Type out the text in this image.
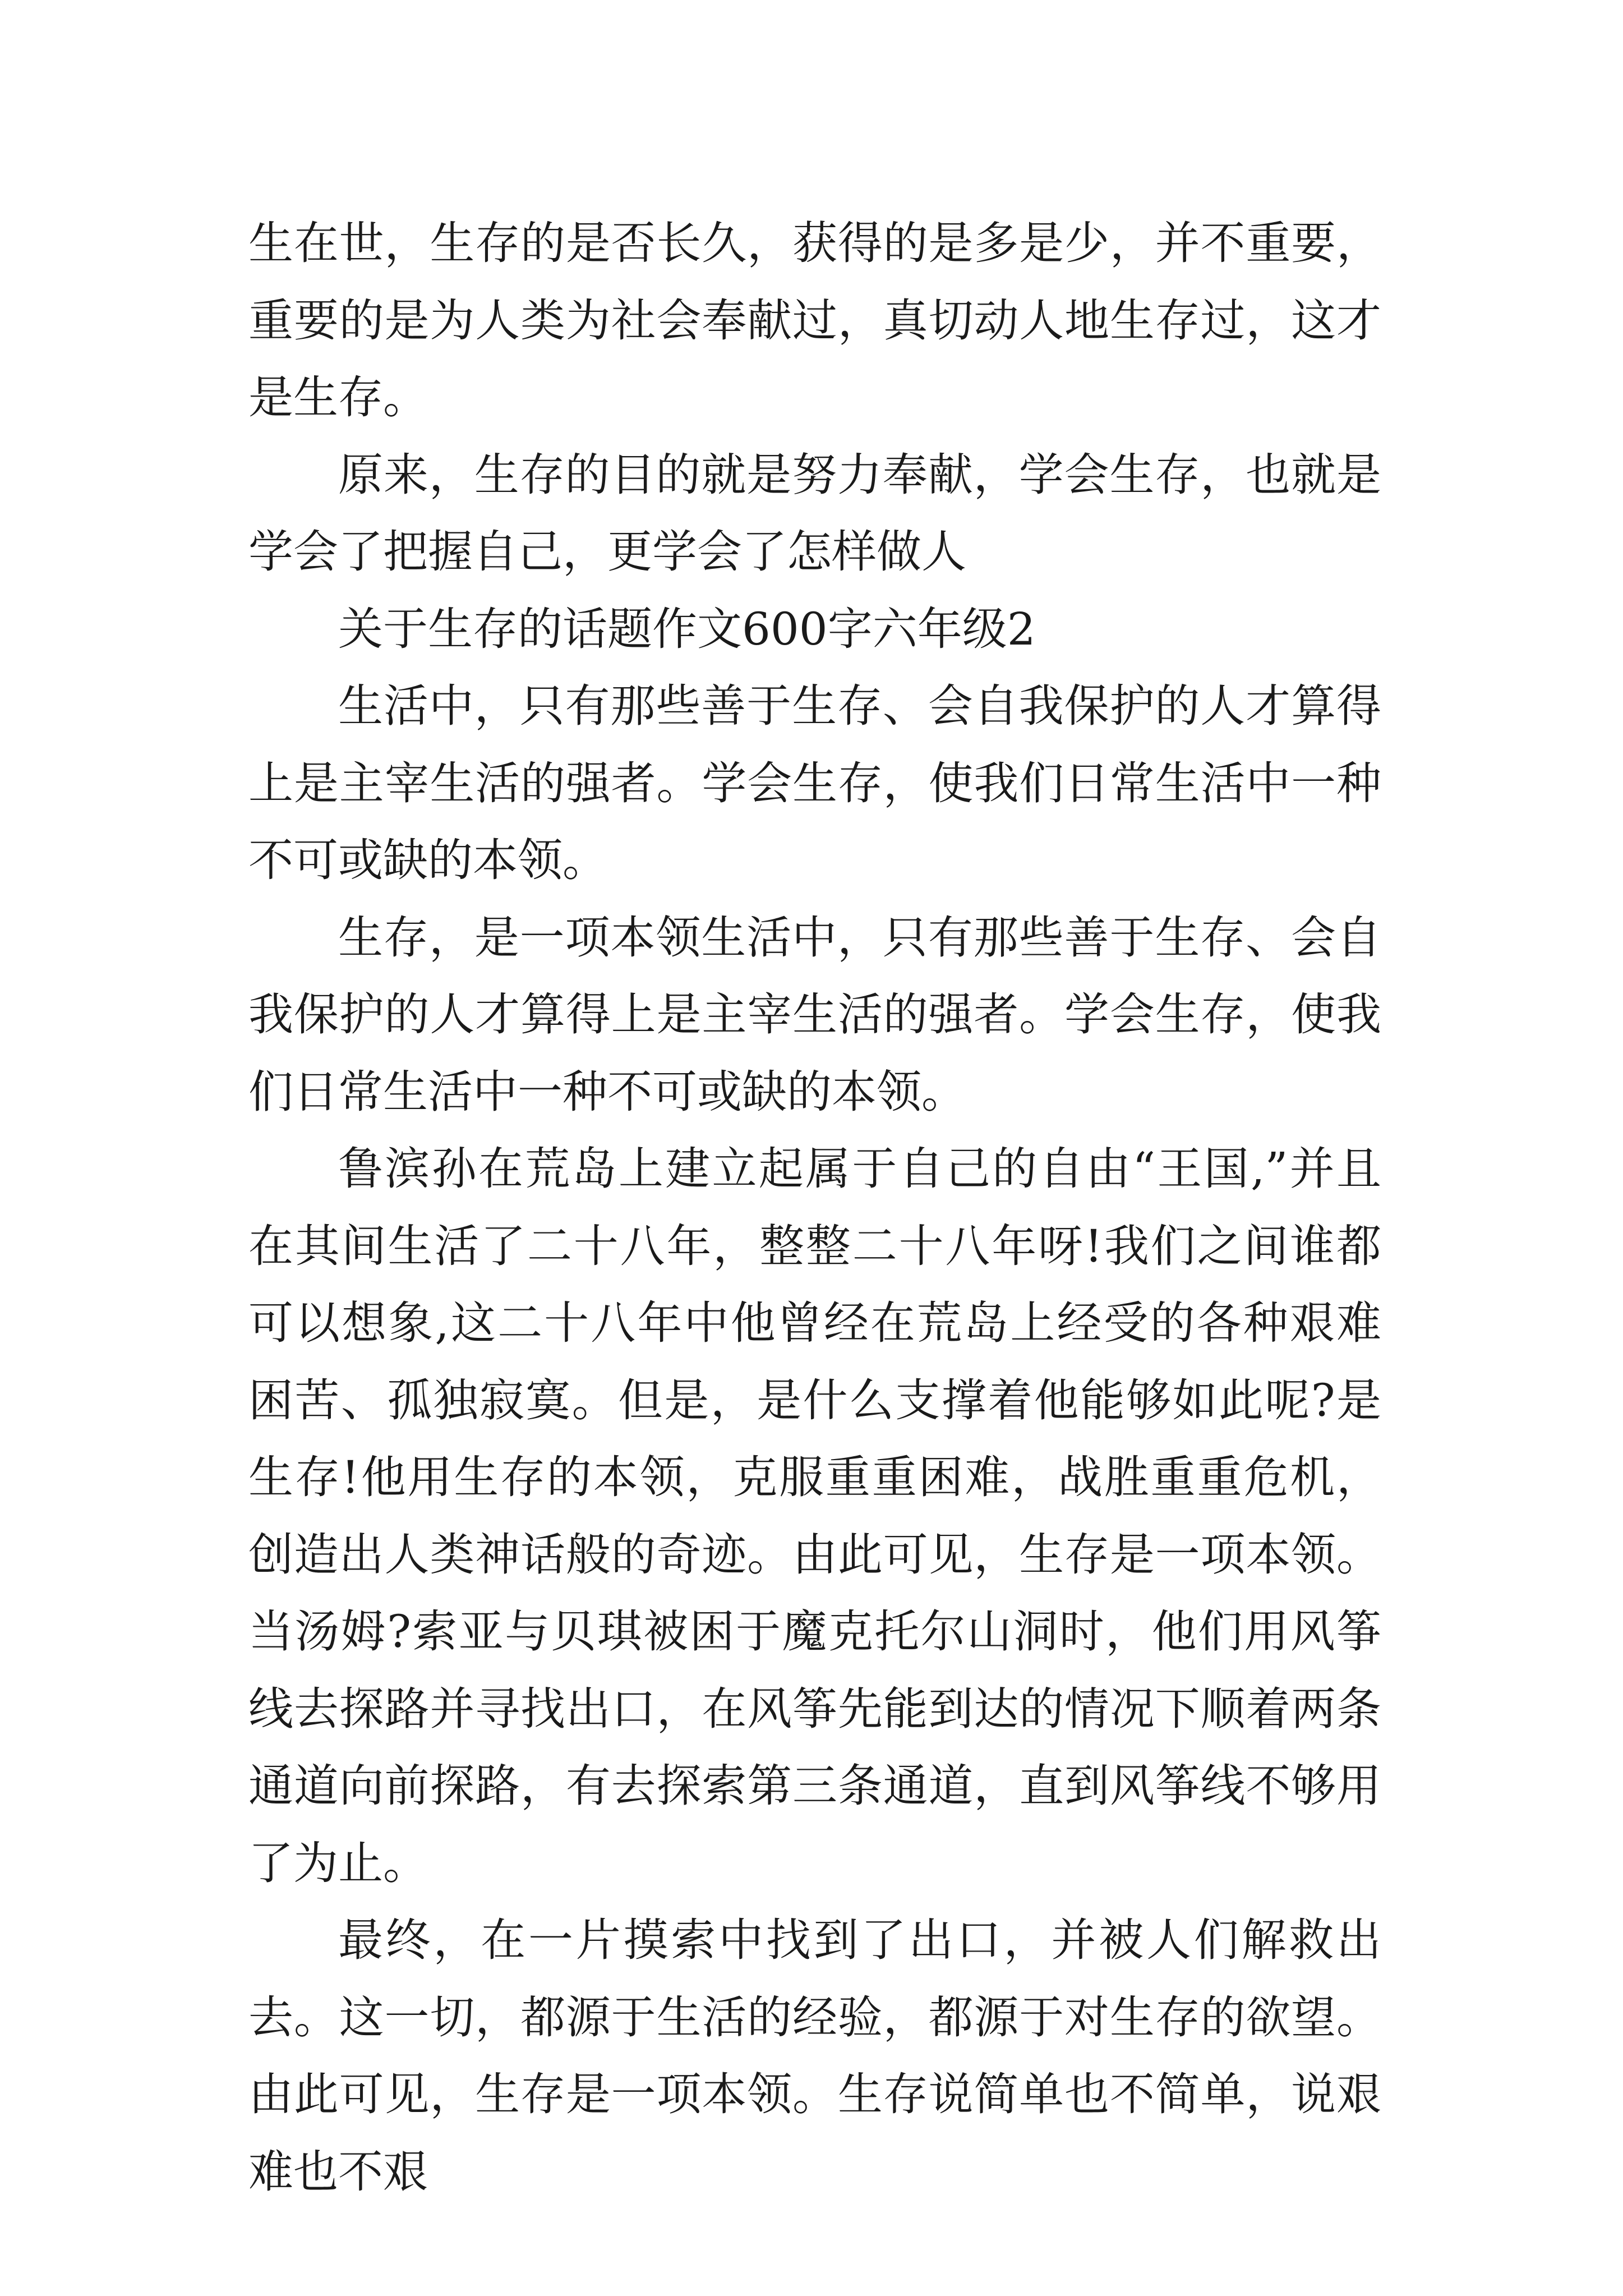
生在世，生存的是否长久，获得的是多是少，并不重要，重要的是为人类为社会奉献过，真切动人地生存过，这才是生存。

原来，生存的目的就是努力奉献，学会生存，也就是学会了把握自己，更学会了怎样做人

关于生存的话题作文600字六年级2

生活中，只有那些善于生存、会自我保护的人才算得上是主宰生活的强者。学会生存，使我们日常生活中一种不可或缺的本领。

生存，是一项本领生活中，只有那些善于生存、会自我保护的人才算得上是主宰生活的强者。学会生存，使我们日常生活中一种不可或缺的本领。

鲁滨孙在荒岛上建立起属于自己的自由“王国,”并且在其间生活了二十八年，整整二十八年呀!我们之间谁都可以想象,这二十八年中他曾经在荒岛上经受的各种艰难困苦、孤独寂寞。但是，是什么支撑着他能够如此呢?是生存!他用生存的本领，克服重重困难，战胜重重危机，创造出人类神话般的奇迹。由此可见，生存是一项本领。当汤姆?索亚与贝琪被困于魔克托尔山洞时，他们用风筝线去探路并寻找出口，在风筝先能到达的情况下顺着两条通道向前探路，有去探索第三条通道，直到风筝线不够用了为止。

最终，在一片摸索中找到了出口，并被人们解救出去。这一切，都源于生活的经验，都源于对生存的欲望。由此可见，生存是一项本领。生存说简单也不简单，说艰难也不艰
